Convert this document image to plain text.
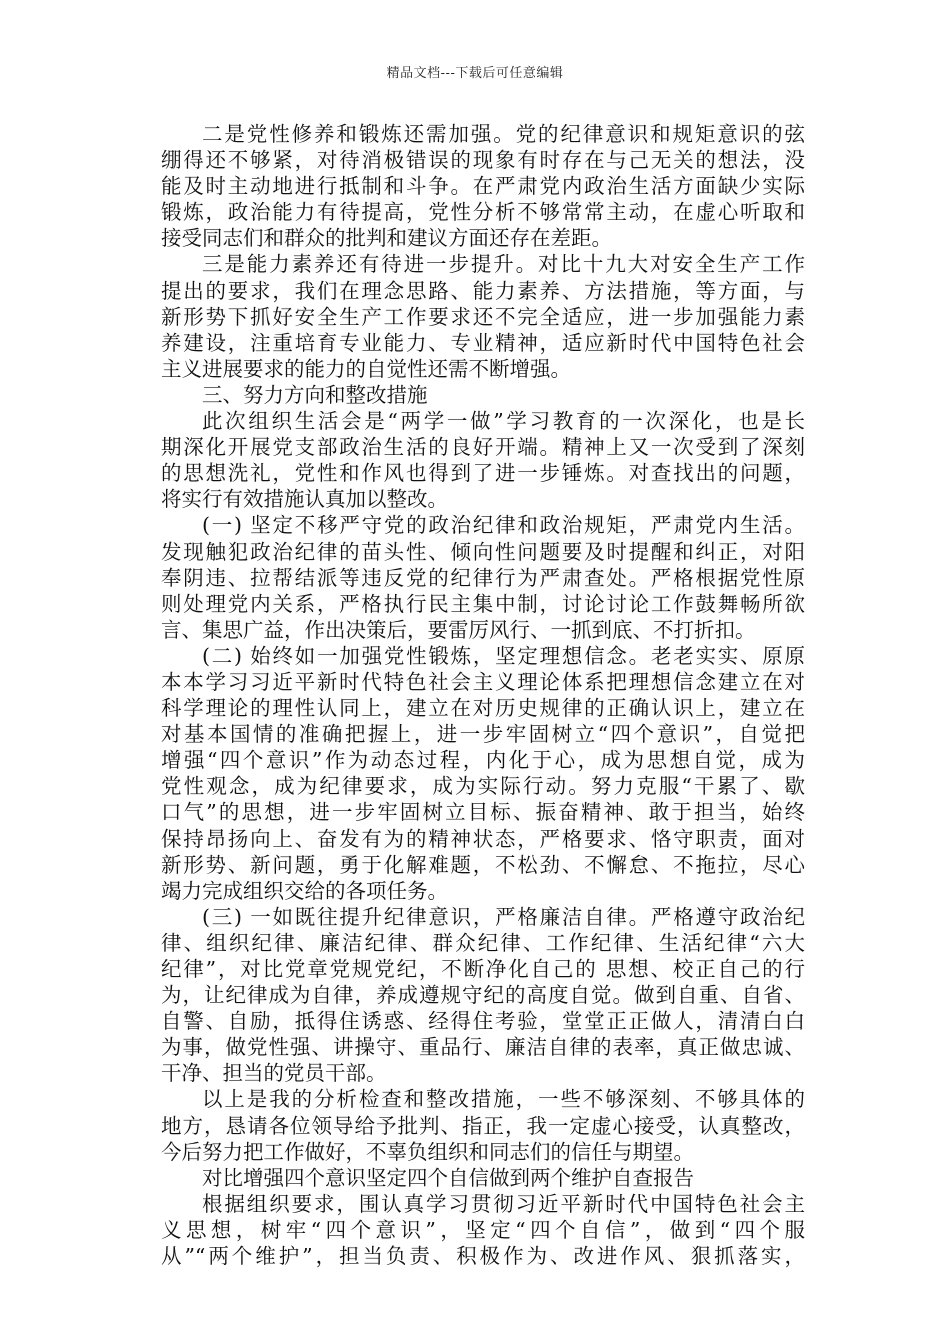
精品文档---下载后可任意编辑
二是党性修养和锻炼还需加强。党的纪律意识和规矩意识的弦
绷得还不够紧，对待消极错误的现象有时存在与己无关的想法，没
能及时主动地进行抵制和斗争。在严肃党内政治生活方面缺少实际
锻炼，政治能力有待提高，党性分析不够常常主动，在虚心听取和
接受同志们和群众的批判和建议方面还存在差距。
三是能力素养还有待进一步提升。对比十九大对安全生产工作
提出的要求，我们在理念思路、能力素养、方法措施，等方面，与
新形势下抓好安全生产工作要求还不完全适应，进一步加强能力素
养建设，注重培育专业能力、专业精神，适应新时代中国特色社会
主义进展要求的能力的自觉性还需不断增强。
三、努力方向和整改措施
此次组织生活会是“两学一做”学习教育的一次深化，也是长
期深化开展党支部政治生活的良好开端。精神上又一次受到了深刻
的思想洗礼，党性和作风也得到了进一步锤炼。对查找出的问题，
将实行有效措施认真加以整改。
(一) 坚定不移严守党的政治纪律和政治规矩，严肃党内生活。
发现触犯政治纪律的苗头性、倾向性问题要及时提醒和纠正，对阳
奉阴违、拉帮结派等违反党的纪律行为严肃查处。严格根据党性原
则处理党内关系，严格执行民主集中制，讨论讨论工作鼓舞畅所欲
言、集思广益，作出决策后，要雷厉风行、一抓到底、不打折扣。
(二) 始终如一加强党性锻炼，坚定理想信念。老老实实、原原
本本学习习近平新时代特色社会主义理论体系把理想信念建立在对
科学理论的理性认同上，建立在对历史规律的正确认识上，建立在
对基本国情的准确把握上，进一步牢固树立“四个意识”，自觉把
增强“四个意识”作为动态过程，内化于心，成为思想自觉，成为
党性观念，成为纪律要求，成为实际行动。努力克服“干累了、歇
口气”的思想，进一步牢固树立目标、振奋精神、敢于担当，始终
保持昂扬向上、奋发有为的精神状态，严格要求、恪守职责，面对
新形势、新问题，勇于化解难题，不松劲、不懈怠、不拖拉，尽心
竭力完成组织交给的各项任务。
(三) 一如既往提升纪律意识，严格廉洁自律。严格遵守政治纪
律、组织纪律、廉洁纪律、群众纪律、工作纪律、生活纪律“六大
纪律”，对比党章党规党纪，不断净化自己的 思想、校正自己的行
为，让纪律成为自律，养成遵规守纪的高度自觉。做到自重、自省、
自警、自励，抵得住诱惑、经得住考验，堂堂正正做人，清清白白
为事，做党性强、讲操守、重品行、廉洁自律的表率，真正做忠诚、
干净、担当的党员干部。
以上是我的分析检查和整改措施，一些不够深刻、不够具体的
地方，恳请各位领导给予批判、指正，我一定虚心接受，认真整改，
今后努力把工作做好，不辜负组织和同志们的信任与期望。
对比增强四个意识坚定四个自信做到两个维护自查报告
根据组织要求，围认真学习贯彻习近平新时代中国特色社会主
义思想，树牢“四个意识”，坚定“四个自信”，做到“四个服
从”“两个维护”，担当负责、积极作为、改进作风、狠抓落实，
